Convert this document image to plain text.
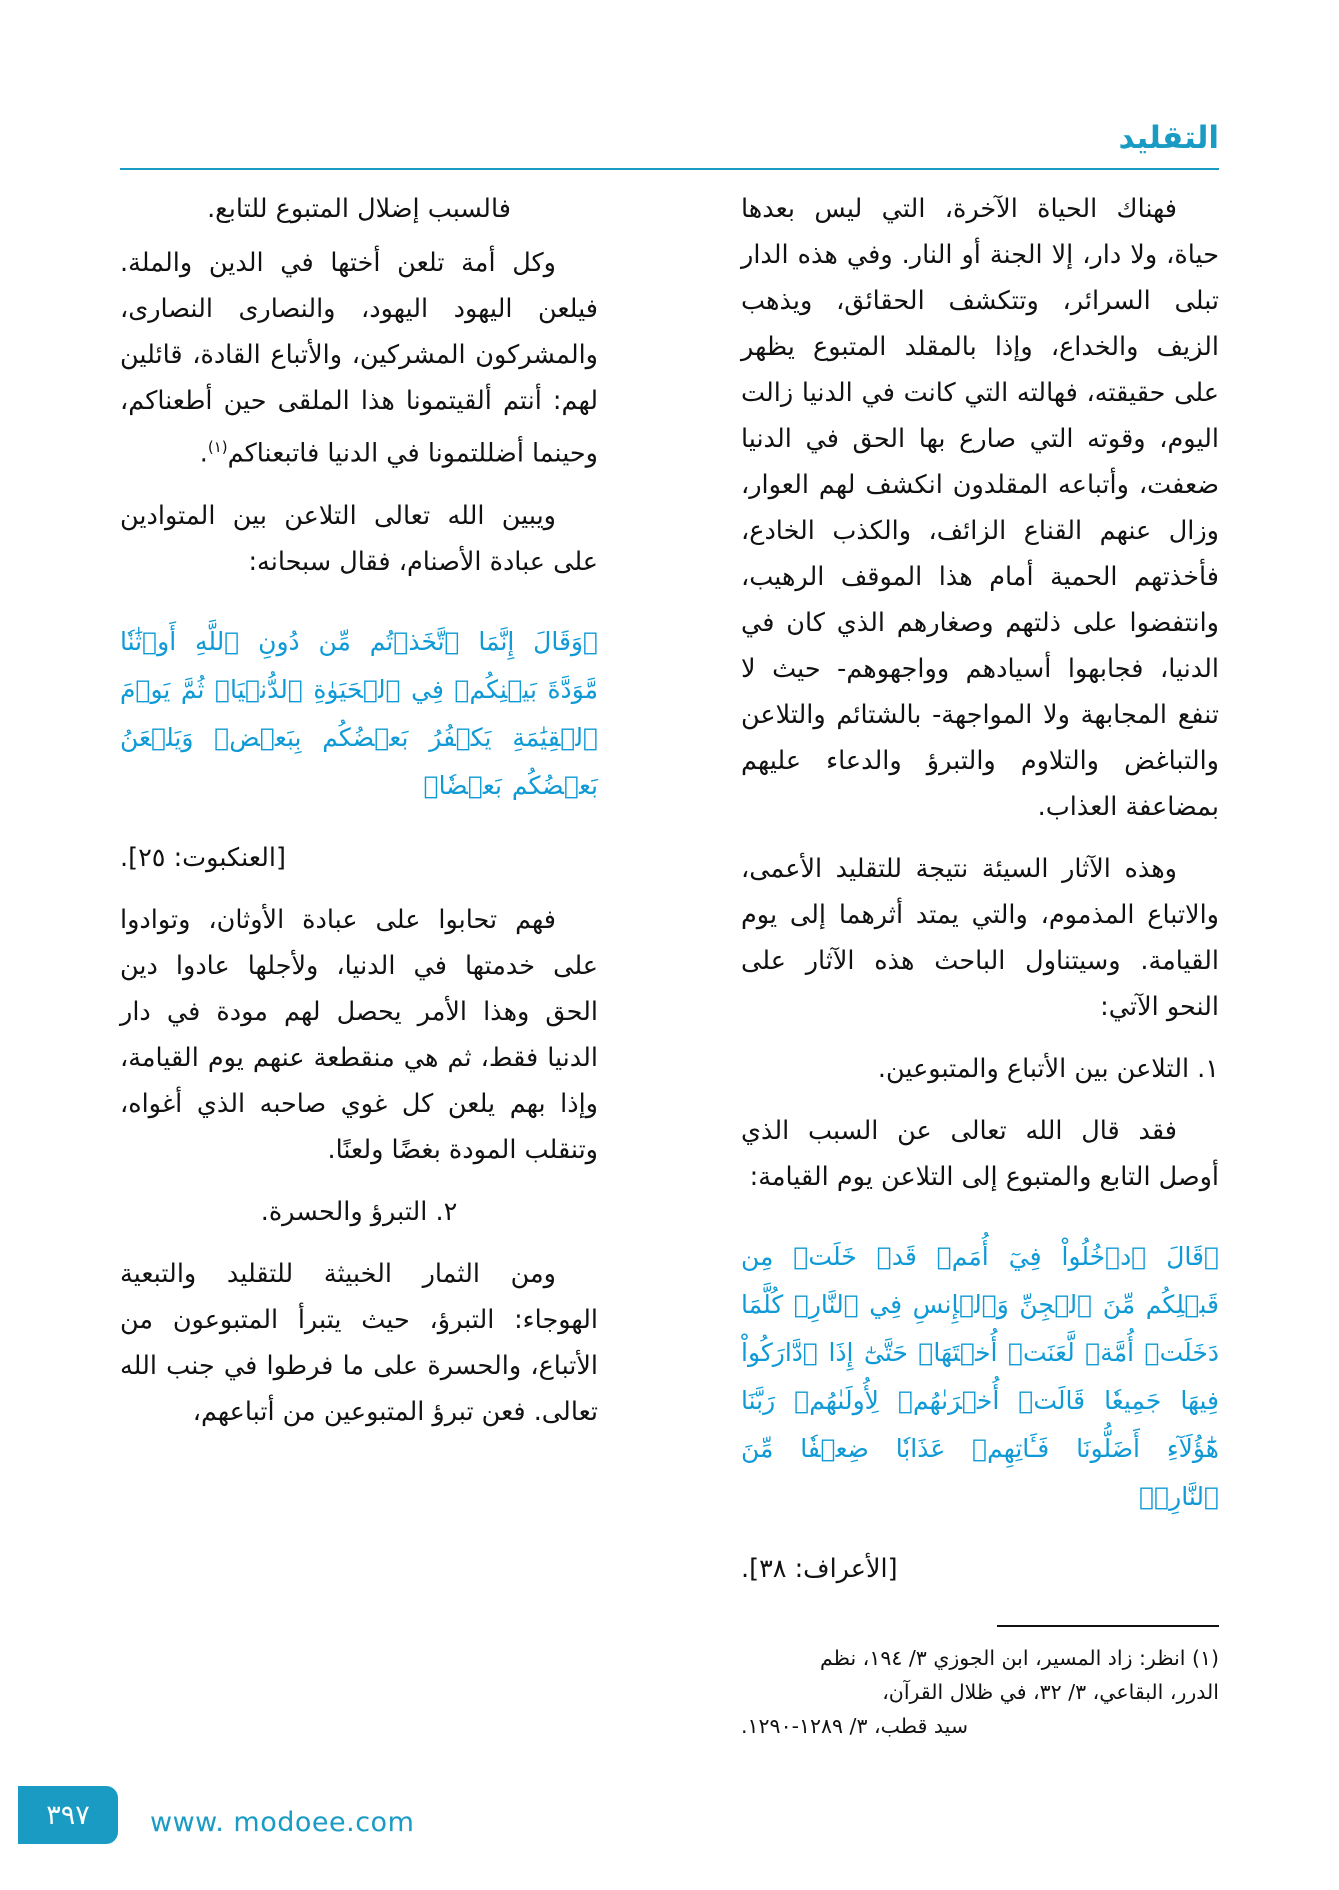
التقليد

فهناك الحياة الآخرة، التي ليس بعدها حياة، ولا دار، إلا الجنة أو النار. وفي هذه الدار تبلى السرائر، وتتكشف الحقائق، ويذهب الزيف والخداع، وإذا بالمقلد المتبوع يظهر على حقيقته، فهالته التي كانت في الدنيا زالت اليوم، وقوته التي صارع بها الحق في الدنيا ضعفت، وأتباعه المقلدون انكشف لهم العوار، وزال عنهم القناع الزائف، والكذب الخادع، فأخذتهم الحمية أمام هذا الموقف الرهيب، وانتفضوا على ذلتهم وصغارهم الذي كان في الدنيا، فجابهوا أسيادهم وواجهوهم- حيث لا تنفع المجابهة ولا المواجهة- بالشتائم والتلاعن والتباغض والتلاوم والتبرؤ والدعاء عليهم بمضاعفة العذاب.

وهذه الآثار السيئة نتيجة للتقليد الأعمى، والاتباع المذموم، والتي يمتد أثرهما إلى يوم القيامة. وسيتناول الباحث هذه الآثار على النحو الآتي:

١. التلاعن بين الأتباع والمتبوعين.

فقد قال الله تعالى عن السبب الذي أوصل التابع والمتبوع إلى التلاعن يوم القيامة:

﴿قَالَ ٱدۡخُلُواْ فِيٓ أُمَمٖ قَدۡ خَلَتۡ مِن قَبۡلِكُم مِّنَ ٱلۡجِنِّ وَٱلۡإِنسِ فِي ٱلنَّارِۖ كُلَّمَا دَخَلَتۡ أُمَّةٞ لَّعَنَتۡ أُخۡتَهَاۖ حَتَّىٰٓ إِذَا ٱدَّارَكُواْ فِيهَا جَمِيعٗا قَالَتۡ أُخۡرَىٰهُمۡ لِأُولَىٰهُمۡ رَبَّنَا هَٰٓؤُلَآءِ أَضَلُّونَا فَـَٔاتِهِمۡ عَذَابٗا ضِعۡفٗا مِّنَ ٱلنَّارِۖ﴾

[الأعراف: ٣٨].

فالسبب إضلال المتبوع للتابع.

وكل أمة تلعن أختها في الدين والملة. فيلعن اليهود اليهود، والنصارى النصارى، والمشركون المشركين، والأتباع القادة، قائلين لهم: أنتم ألقيتمونا هذا الملقى حين أطعناكم، وحينما أضللتمونا في الدنيا فاتبعناكم$^{(١)}$.

ويبين الله تعالى التلاعن بين المتوادين على عبادة الأصنام، فقال سبحانه:

﴿وَقَالَ إِنَّمَا ٱتَّخَذۡتُم مِّن دُونِ ٱللَّهِ أَوۡثَٰنٗا مَّوَدَّةَ بَيۡنِكُمۡ فِي ٱلۡحَيَوٰةِ ٱلدُّنۡيَاۖ ثُمَّ يَوۡمَ ٱلۡقِيَٰمَةِ يَكۡفُرُ بَعۡضُكُم بِبَعۡضٖ وَيَلۡعَنُ بَعۡضُكُم بَعۡضٗا﴾

[العنكبوت: ٢٥].

فهم تحابوا على عبادة الأوثان، وتوادوا على خدمتها في الدنيا، ولأجلها عادوا دين الحق وهذا الأمر يحصل لهم مودة في دار الدنيا فقط، ثم هي منقطعة عنهم يوم القيامة، وإذا بهم يلعن كل غوي صاحبه الذي أغواه، وتنقلب المودة بغضًا ولعنًا.

٢. التبرؤ والحسرة.

ومن الثمار الخبيثة للتقليد والتبعية الهوجاء: التبرؤ، حيث يتبرأ المتبوعون من الأتباع، والحسرة على ما فرطوا في جنب الله تعالى. فعن تبرؤ المتبوعين من أتباعهم،

(١) انظر: زاد المسير، ابن الجوزي ٣/ ١٩٤، نظم

الدرر، البقاعي، ٣/ ٣٢، في ظلال القرآن،

سيد قطب، ٣/ ١٢٨٩-١٢٩٠.

٣٩٧	www. modoee.com
